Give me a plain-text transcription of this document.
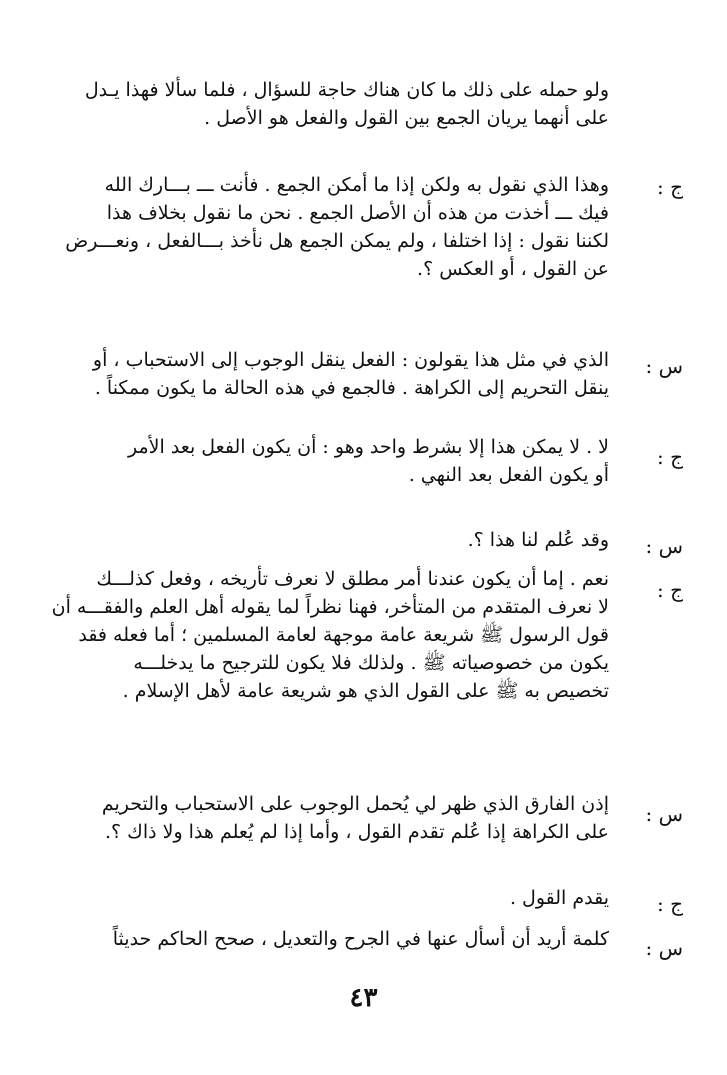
ولو حمله على ذلك ما كان هناك حاجة للسؤال ، فلما سألا فهذا يـدل
على أنهما يريان الجمع بين القول والفعل هو الأصل .

ج :

وهذا الذي نقول به ولكن إذا ما أمكن الجمع . فأنت ـــ بـــارك الله
فيك ـــ أخذت من هذه أن الأصل الجمع . نحن ما نقول بخلاف هذا
لكننا نقول : إذا اختلفا ، ولم يمكن الجمع هل نأخذ بـــالفعل ، ونعـــرض
عن القول ، أو العكس ؟.

س :

الذي في مثل هذا يقولون : الفعل ينقل الوجوب إلى الاستحباب ، أو
ينقل التحريم إلى الكراهة . فالجمع في هذه الحالة ما يكون ممكناً .

ج :

لا . لا يمكن هذا إلا بشرط واحد وهو : أن يكون الفعل بعد الأمر
أو يكون الفعل بعد النهي .

س :

وقد عُلم لنا هذا ؟.

ج :

نعم . إما أن يكون عندنا أمر مطلق لا نعرف تأريخه ، وفعل كذلـــك
لا نعرف المتقدم من المتأخر، فهنا نظراً لما يقوله أهل العلم والفقـــه أن
قول الرسول ﷺ شريعة عامة موجهة لعامة المسلمين ؛ أما فعله فقد
يكون من خصوصياته ﷺ . ولذلك فلا يكون للترجيح ما يدخلـــه
تخصيص به ﷺ على القول الذي هو شريعة عامة لأهل الإسلام .

س :

إذن الفارق الذي ظهر لي يُحمل الوجوب على الاستحباب والتحريم
على الكراهة إذا عُلم تقدم القول ، وأما إذا لم يُعلم هذا ولا ذاك ؟.

ج :

يقدم القول .

س :

كلمة أريد أن أسأل عنها في الجرح والتعديل ، صحح الحاكم حديثاً

٤٣
